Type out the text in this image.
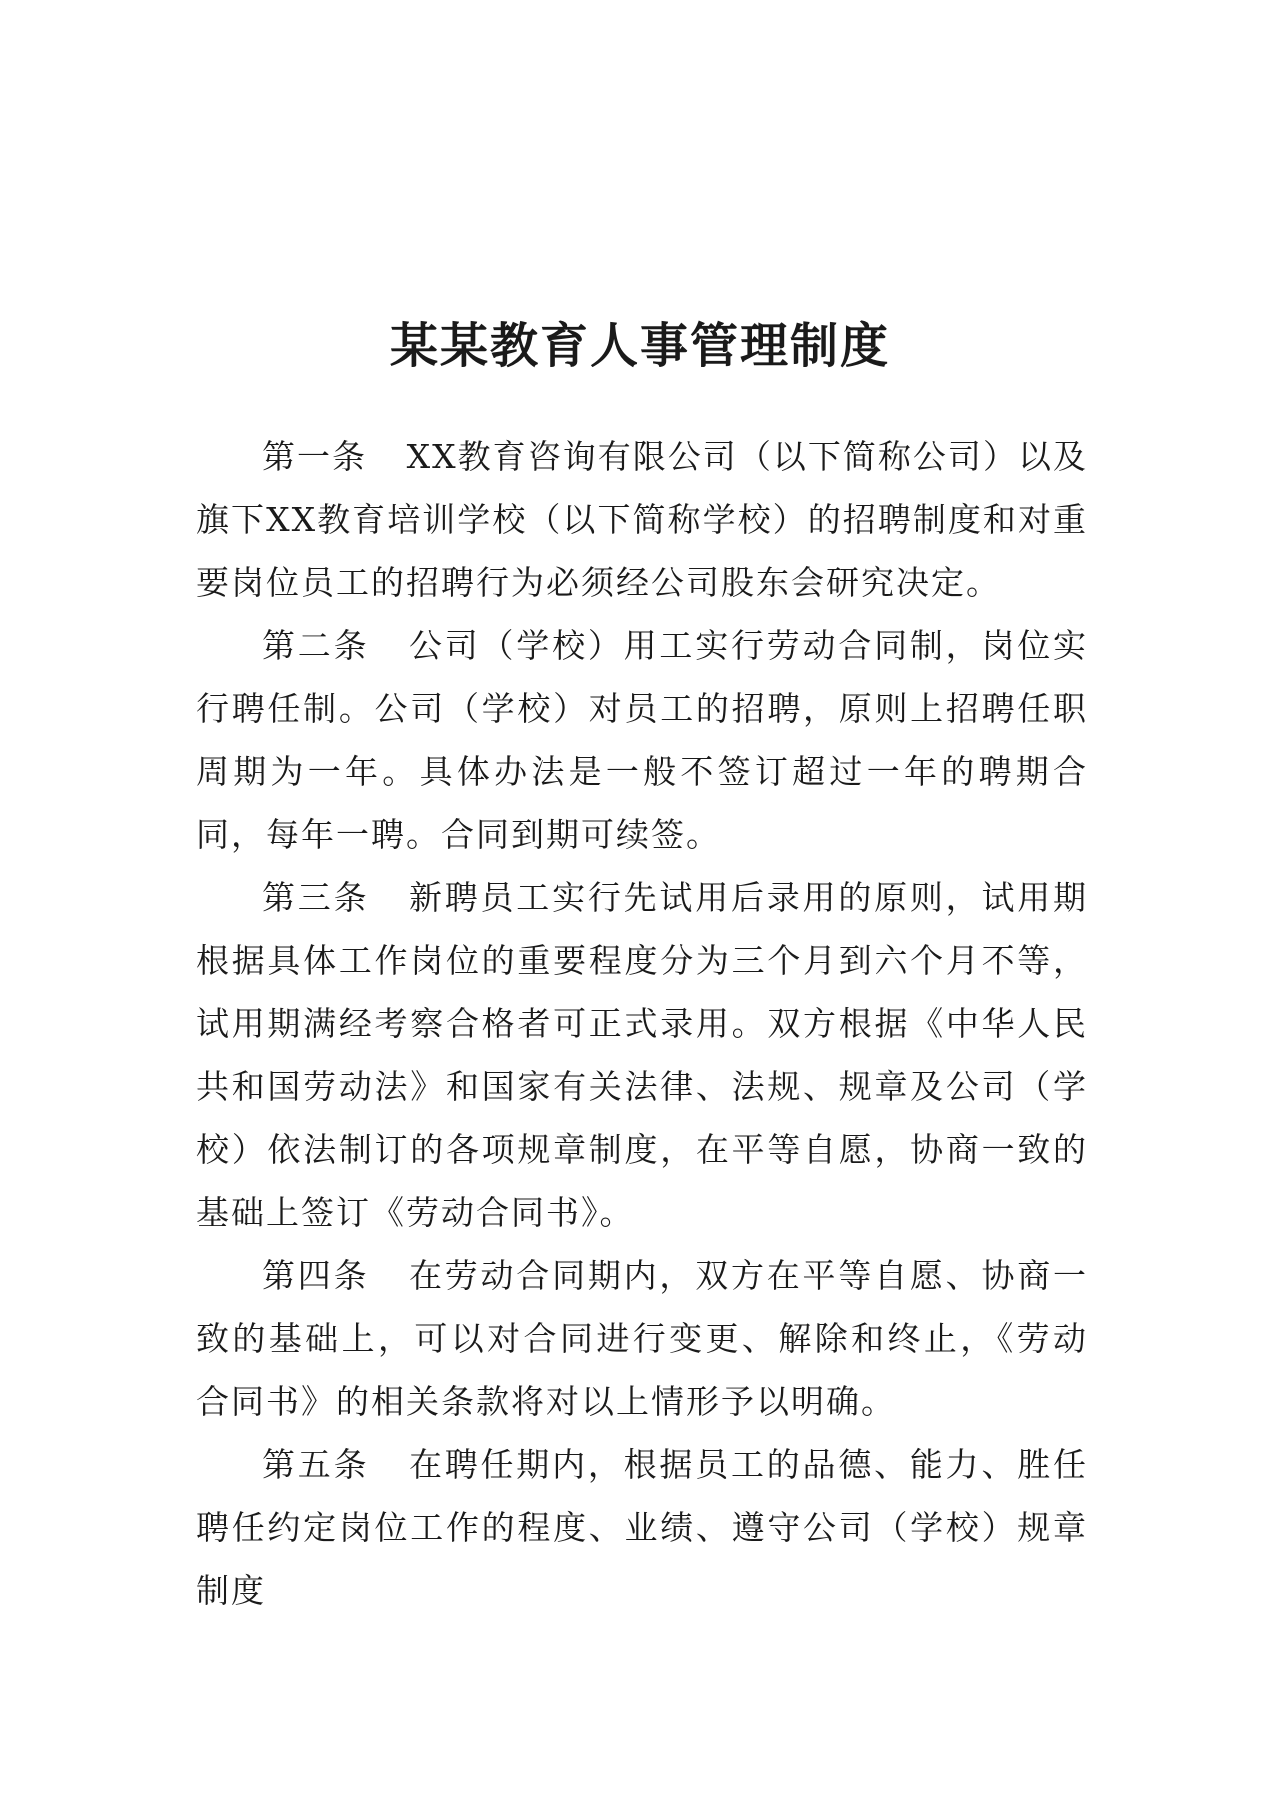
某某教育人事管理制度

第一条 XX教育咨询有限公司（以下简称公司）以及旗下XX教育培训学校（以下简称学校）的招聘制度和对重要岗位员工的招聘行为必须经公司股东会研究决定。

第二条 公司（学校）用工实行劳动合同制，岗位实行聘任制。公司（学校）对员工的招聘，原则上招聘任职周期为一年。具体办法是一般不签订超过一年的聘期合同，每年一聘。合同到期可续签。

第三条 新聘员工实行先试用后录用的原则，试用期根据具体工作岗位的重要程度分为三个月到六个月不等，试用期满经考察合格者可正式录用。双方根据《中华人民共和国劳动法》和国家有关法律、法规、规章及公司（学校）依法制订的各项规章制度，在平等自愿，协商一致的基础上签订《劳动合同书》。

第四条 在劳动合同期内，双方在平等自愿、协商一致的基础上，可以对合同进行变更、解除和终止，《劳动合同书》的相关条款将对以上情形予以明确。

第五条 在聘任期内，根据员工的品德、能力、胜任聘任约定岗位工作的程度、业绩、遵守公司（学校）规章制度
